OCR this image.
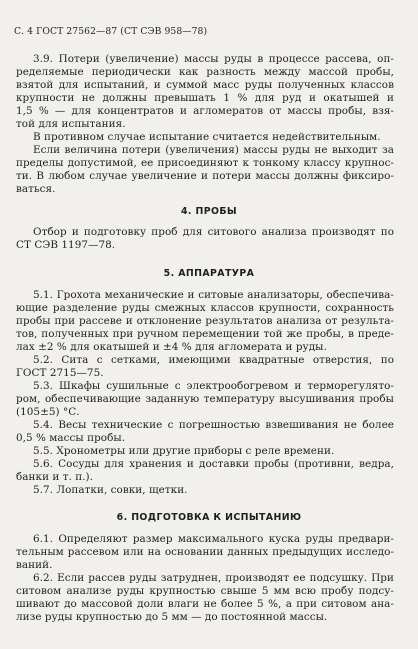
С. 4 ГОСТ 27562—87 (СТ СЭВ 958—78)
3.9. Потери (увеличение) массы руды в процессе рассева, оп-
ределяемые периодически как разность между массой пробы,
взятой для испытаний, и суммой масс руды полученных классов
крупности не должны превышать 1 % для руд и окатышей и
1,5 % — для концентратов и агломератов от массы пробы, взя-
той для испытания.
В противном случае испытание считается недействительным.
Если величина потери (увеличения) массы руды не выходит за
пределы допустимой, ее присоединяют к тонкому классу крупнос-
ти. В любом случае увеличение и потери массы должны фиксиро-
ваться.
4. ПРОБЫ
Отбор и подготовку проб для ситового анализа производят по
СТ СЭВ 1197—78.
5. АППАРАТУРА
5.1. Грохота механические и ситовые анализаторы, обеспечива-
ющие разделение руды смежных классов крупности, сохранность
пробы при рассеве и отклонение результатов анализа от результа-
тов, полученных при ручном перемещении той же пробы, в преде-
лах ±2 % для окатышей и ±4 % для агломерата и руды.
5.2. Сита с сетками, имеющими квадратные отверстия, по
ГОСТ 2715—75.
5.3. Шкафы сушильные с электрообогревом и терморегулято-
ром, обеспечивающие заданную температуру высушивания пробы
(105±5) °С.
5.4. Весы технические с погрешностью взвешивания не более
0,5 % массы пробы.
5.5. Хронометры или другие приборы с реле времени.
5.6. Сосуды для хранения и доставки пробы (противни, ведра,
банки и т. п.).
5.7. Лопатки, совки, щетки.
6. ПОДГОТОВКА К ИСПЫТАНИЮ
6.1. Определяют размер максимального куска руды предвари-
тельным рассевом или на основании данных предыдущих исследо-
ваний.
6.2. Если рассев руды затруднен, производят ее подсушку. При
ситовом анализе руды крупностью свыше 5 мм всю пробу подсу-
шивают до массовой доли влаги не более 5 %, а при ситовом ана-
лизе руды крупностью до 5 мм — до постоянной массы.
